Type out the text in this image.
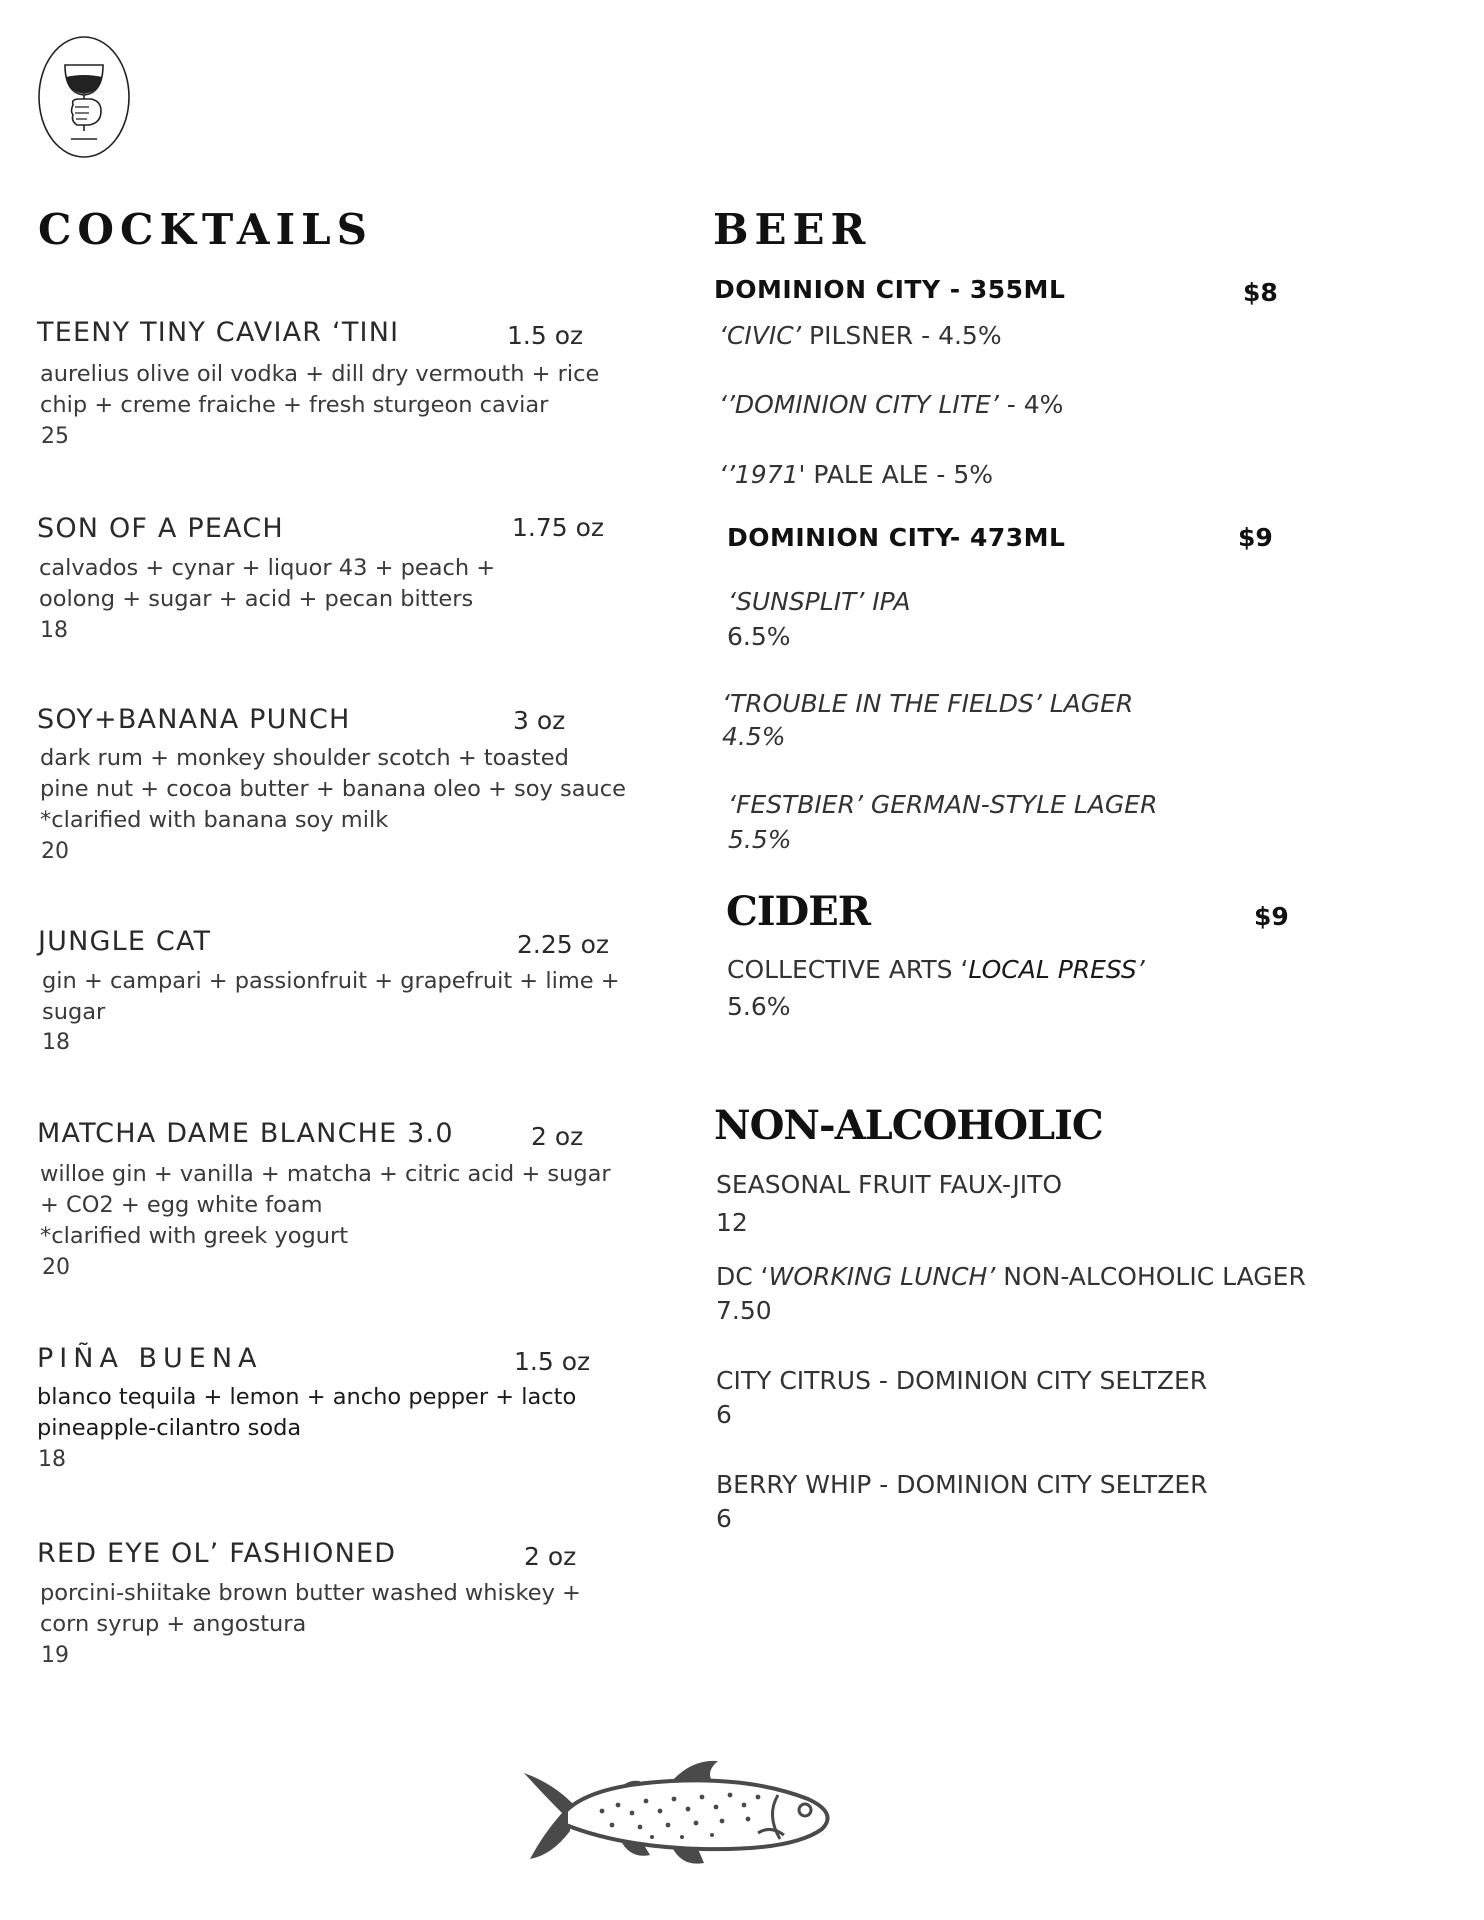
COCKTAILS
TEENY TINY CAVIAR ‘TINI	1.5 oz
aurelius olive oil vodka + dill dry vermouth + rice
chip + creme fraiche + fresh sturgeon caviar
25
SON OF A PEACH	1.75 oz
calvados + cynar + liquor 43 + peach +
oolong + sugar + acid + pecan bitters
18
SOY+BANANA PUNCH	3 oz
dark rum + monkey shoulder scotch + toasted
pine nut + cocoa butter + banana oleo + soy sauce
*clarified with banana soy milk
20
JUNGLE CAT	2.25 oz
gin + campari + passionfruit + grapefruit + lime +
sugar
18
MATCHA DAME BLANCHE 3.0	2 oz
willoe gin + vanilla + matcha + citric acid + sugar
+ CO2 + egg white foam
*clarified with greek yogurt
20
PIÑA BUENA	1.5 oz
blanco tequila + lemon + ancho pepper + lacto
pineapple-cilantro soda
18
RED EYE OL’ FASHIONED	2 oz
porcini-shiitake brown butter washed whiskey +
corn syrup + angostura
19
BEER
DOMINION CITY - 355ML	$8
‘CIVIC’ PILSNER - 4.5%
‘’DOMINION CITY LITE’ - 4%
‘’1971' PALE ALE - 5%
DOMINION CITY- 473ML	$9
‘SUNSPLIT’ IPA
6.5%
‘TROUBLE IN THE FIELDS’ LAGER
4.5%
‘FESTBIER’ GERMAN-STYLE LAGER
5.5%
CIDER	$9
COLLECTIVE ARTS ‘LOCAL PRESS’
5.6%
NON-ALCOHOLIC
SEASONAL FRUIT FAUX-JITO
12
DC ‘WORKING LUNCH’ NON-ALCOHOLIC LAGER
7.50
CITY CITRUS - DOMINION CITY SELTZER
6
BERRY WHIP - DOMINION CITY SELTZER
6
